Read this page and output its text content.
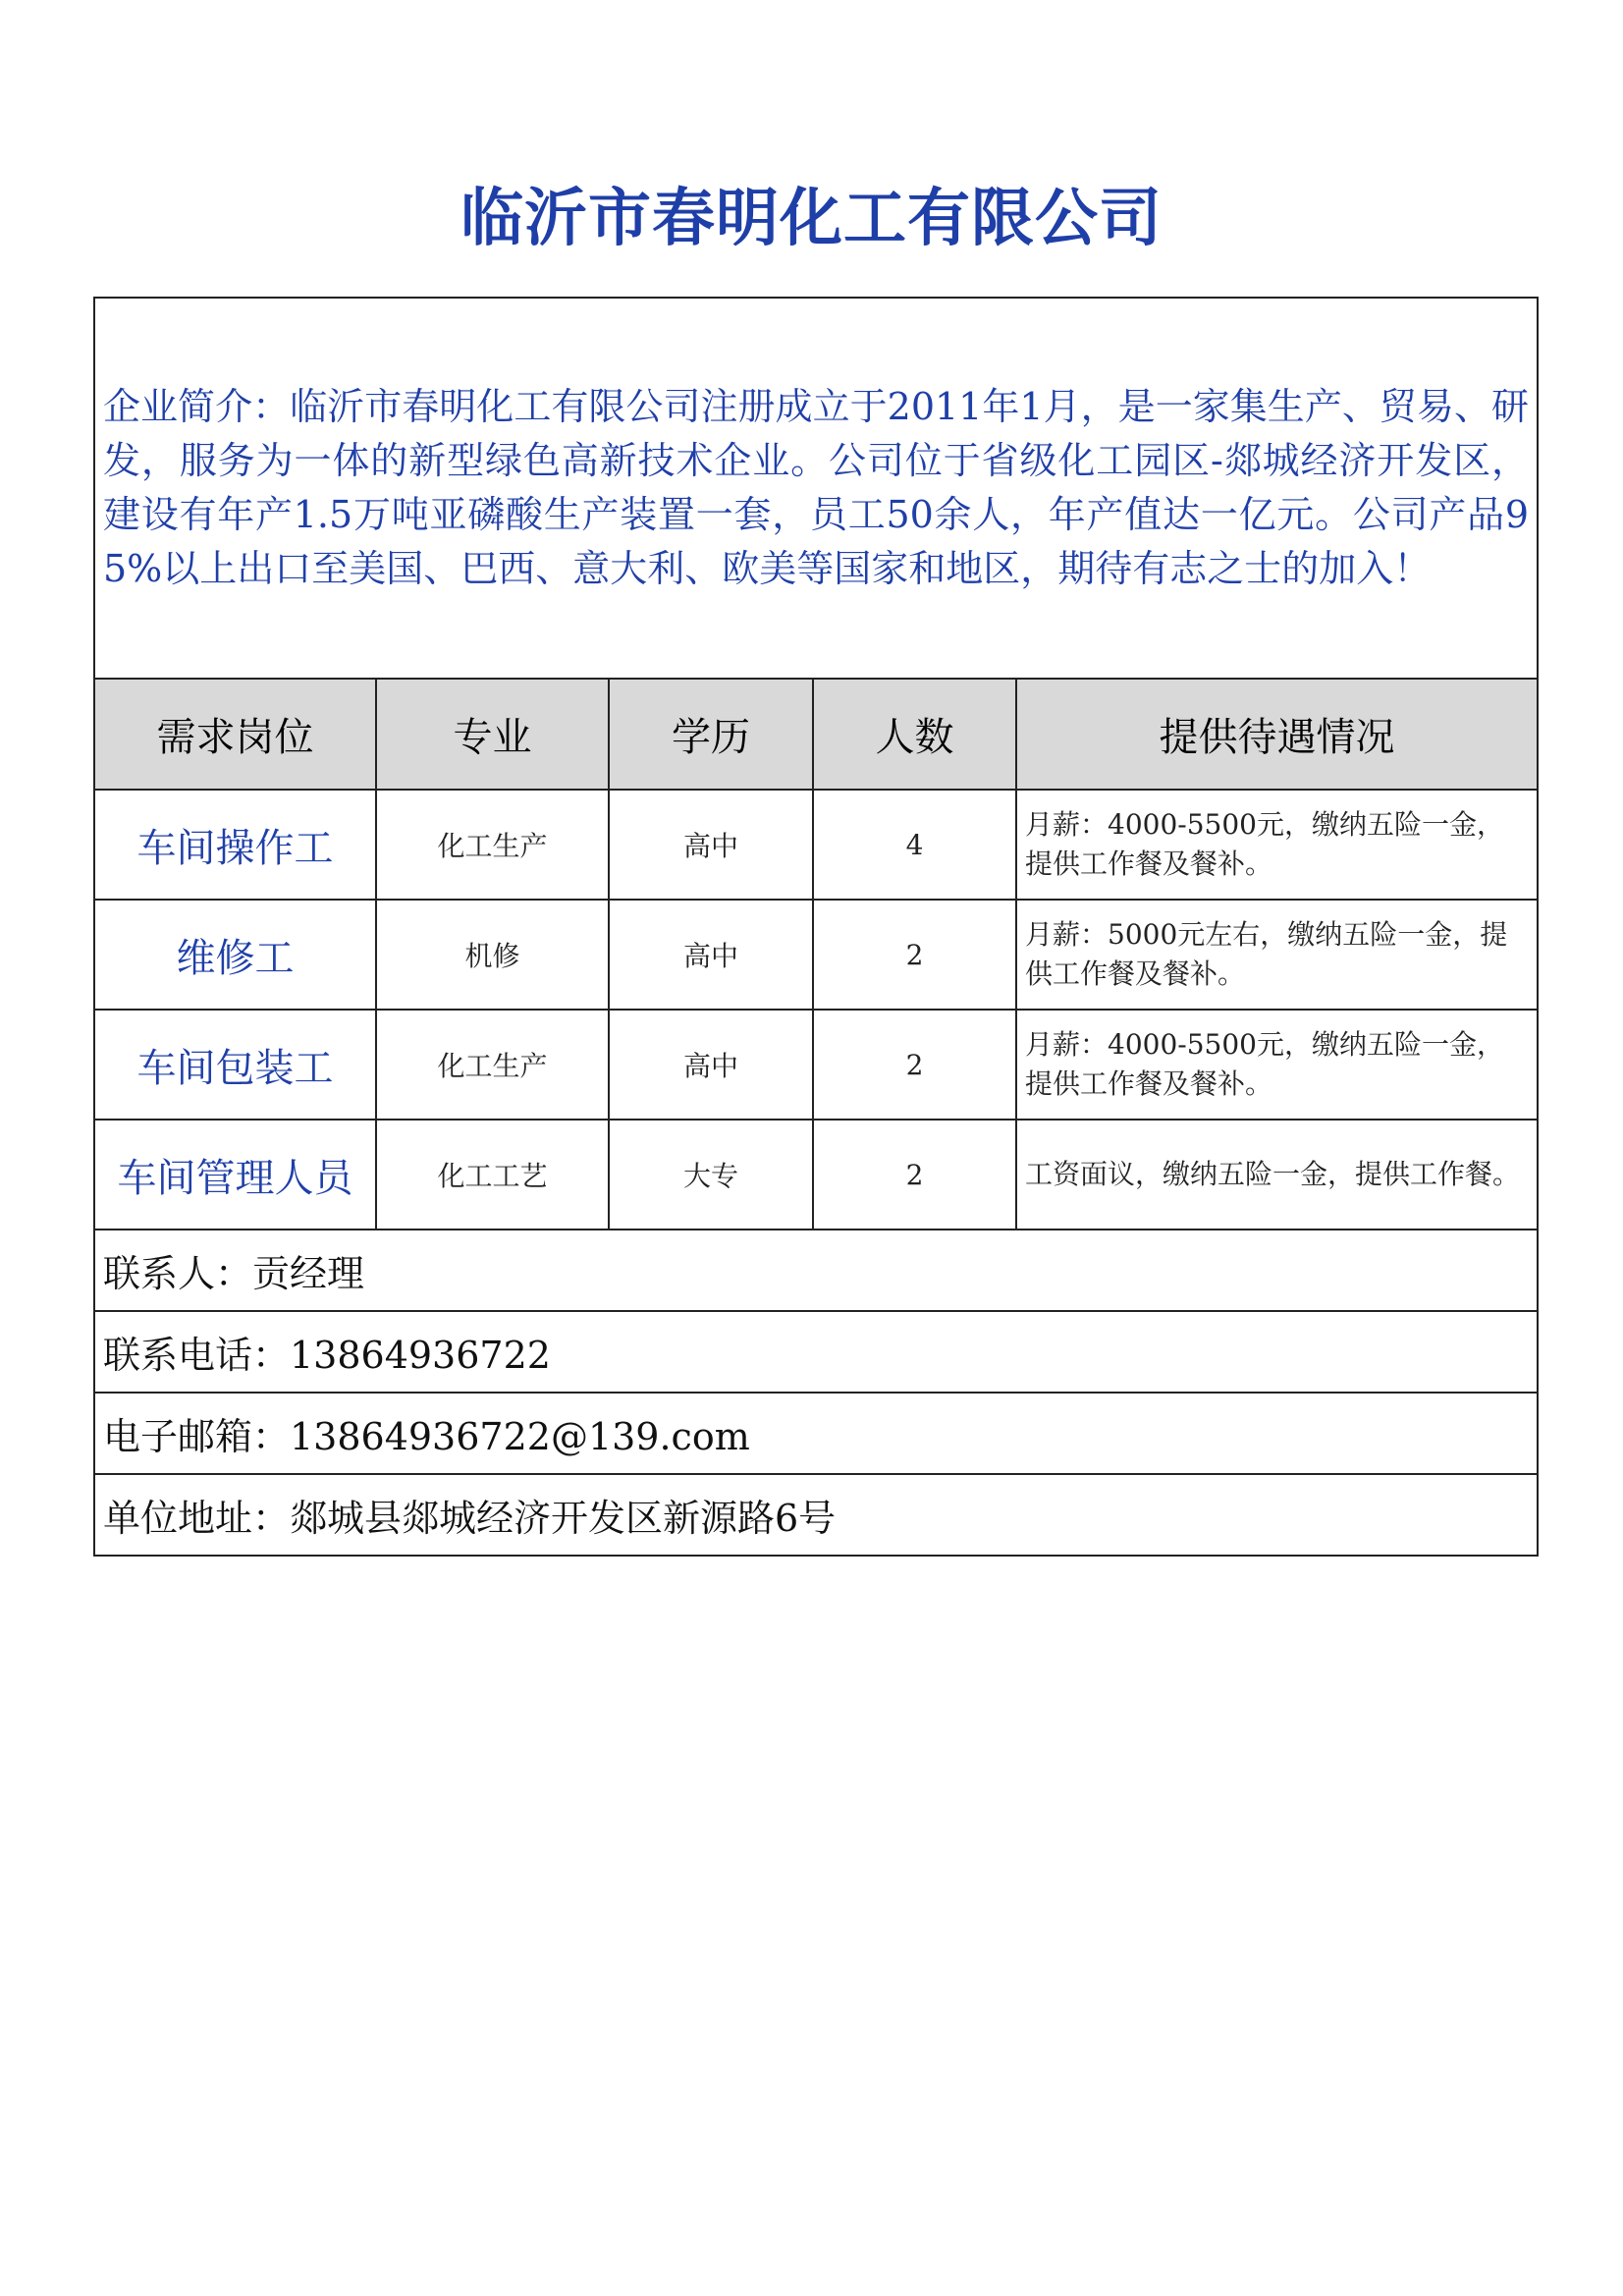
临沂市春明化工有限公司
企业简介：临沂市春明化工有限公司注册成立于2011年1月，是一家集生产、贸易、研发，服务为一体的新型绿色高新技术企业。公司位于省级化工园区-郯城经济开发区，建设有年产1.5万吨亚磷酸生产装置一套，员工50余人，年产值达一亿元。公司产品95%以上出口至美国、巴西、意大利、欧美等国家和地区，期待有志之士的加入！				

需求岗位	专业	学历	人数	提供待遇情况
车间操作工	化工生产	高中	4	月薪：4000-5500元，缴纳五险一金，提供工作餐及餐补。
维修工	机修	高中	2	月薪：5000元左右，缴纳五险一金，提供工作餐及餐补。
车间包装工	化工生产	高中	2	月薪：4000-5500元，缴纳五险一金，提供工作餐及餐补。
车间管理人员	化工工艺	大专	2	工资面议，缴纳五险一金，提供工作餐。
联系人：贡经理				
联系电话：13864936722				
电子邮箱：13864936722@139.com				
单位地址：郯城县郯城经济开发区新源路6号				
